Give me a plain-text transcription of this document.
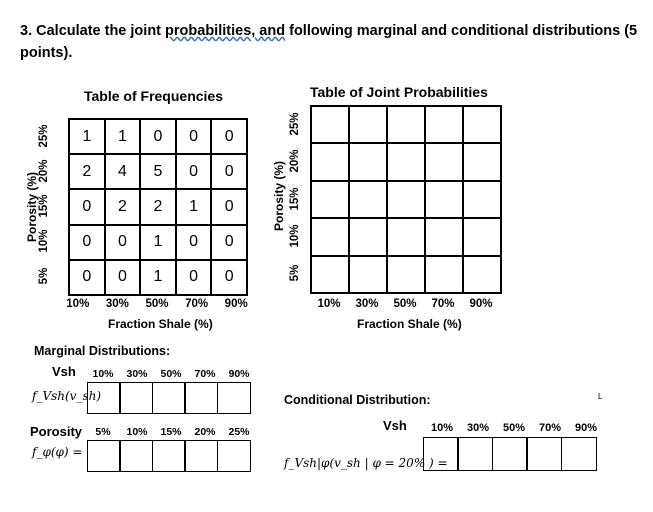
3. Calculate the joint probabilities, and following marginal and conditional distributions (5 points).
Table of Frequencies
Porosity (%)
25%
20%
15%
10%
5%
1	1	0	0	0
2	4	5	0	0
0	2	2	1	0
0	0	1	0	0
0	0	1	0	0
10%	30%	50%	70%	90%
Fraction Shale (%)
Table of Joint Probabilities
Porosity (%)
25%
20%
15%
10%
5%
10%	30%	50%	70%	90%
Fraction Shale (%)
Marginal Distributions:
Vsh	10%	30%	50%	70%	90%
f_Vsh(v_sh)
Porosity	5%	10%	15%	20%	25%
f_φ(φ) =
Conditional Distribution:	L
Vsh	10%	30%	50%	70%	90%
f_Vsh|φ(v_sh | φ = 20% ) =
